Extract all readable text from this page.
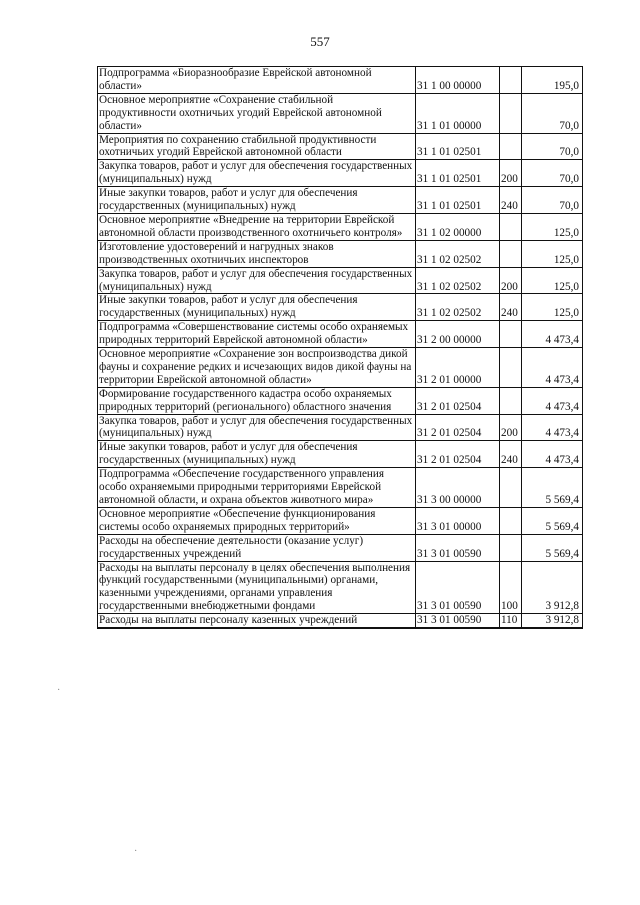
557
Подпрограмма «Биоразнообразие Еврейской автономной области»	31 1 00 00000		195,0
Основное мероприятие «Сохранение стабильной продуктивности охотничьих угодий Еврейской автономной области»	31 1 01 00000		70,0
Мероприятия по сохранению стабильной продуктивности охотничьих угодий Еврейской автономной области	31 1 01 02501		70,0
Закупка товаров, работ и услуг для обеспечения государственных (муниципальных) нужд	31 1 01 02501	200	70,0
Иные закупки товаров, работ и услуг для обеспечения государственных (муниципальных) нужд	31 1 01 02501	240	70,0
Основное мероприятие «Внедрение на территории Еврейской автономной области производственного охотничьего контроля»	31 1 02 00000		125,0
Изготовление удостоверений и нагрудных знаков производственных охотничьих инспекторов	31 1 02 02502		125,0
Закупка товаров, работ и услуг для обеспечения государственных (муниципальных) нужд	31 1 02 02502	200	125,0
Иные закупки товаров, работ и услуг для обеспечения государственных (муниципальных) нужд	31 1 02 02502	240	125,0
Подпрограмма «Совершенствование системы особо охраняемых природных территорий Еврейской автономной области»	31 2 00 00000		4 473,4
Основное мероприятие «Сохранение зон воспроизводства дикой фауны и сохранение редких и исчезающих видов дикой фауны на территории Еврейской автономной области»	31 2 01 00000		4 473,4
Формирование государственного кадастра особо охраняемых природных территорий (регионального) областного значения	31 2 01 02504		4 473,4
Закупка товаров, работ и услуг для обеспечения государственных (муниципальных) нужд	31 2 01 02504	200	4 473,4
Иные закупки товаров, работ и услуг для обеспечения государственных (муниципальных) нужд	31 2 01 02504	240	4 473,4
Подпрограмма «Обеспечение государственного управления особо охраняемыми природными территориями Еврейской автономной области, и охрана объектов животного мира»	31 3 00 00000		5 569,4
Основное мероприятие «Обеспечение функционирования системы особо охраняемых природных территорий»	31 3 01 00000		5 569,4
Расходы на обеспечение деятельности (оказание услуг) государственных учреждений	31 3 01 00590		5 569,4
Расходы на выплаты персоналу в целях обеспечения выполнения функций государственными (муниципальными) органами, казенными учреждениями, органами управления государственными внебюджетными фондами	31 3 01 00590	100	3 912,8
Расходы на выплаты персоналу казенных учреждений	31 3 01 00590	110	3 912,8
·
·
